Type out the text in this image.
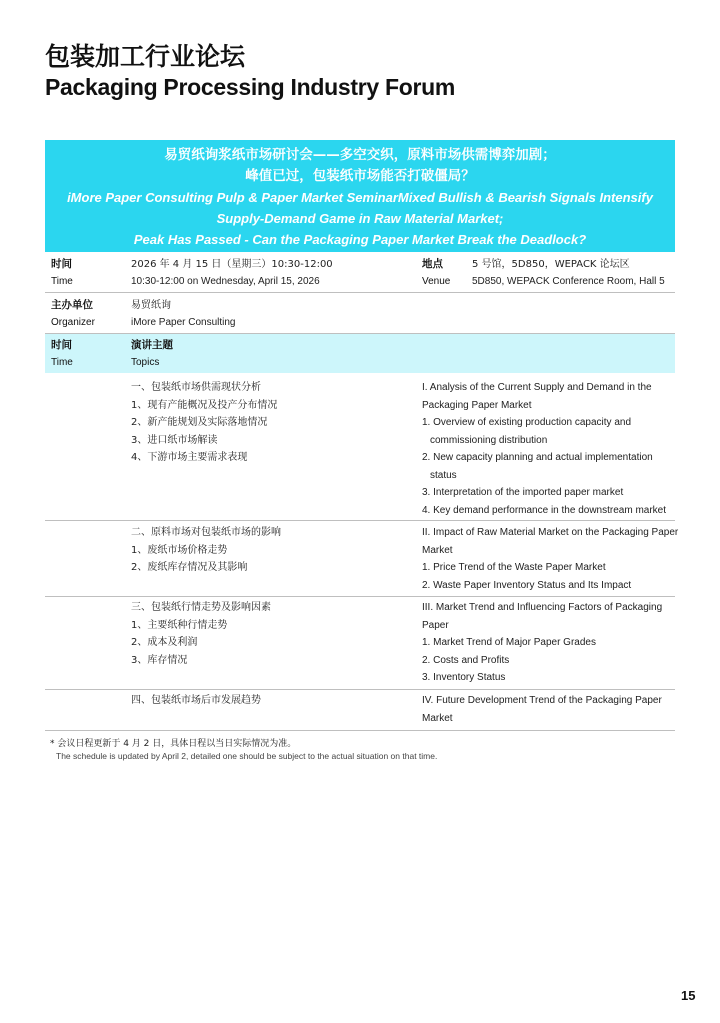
包装加工行业论坛
Packaging Processing Industry Forum
易贸纸询浆纸市场研讨会——多空交织，原料市场供需博弈加剧；
峰值已过，包装纸市场能否打破僵局？
iMore Paper Consulting Pulp & Paper Market SeminarMixed Bullish & Bearish Signals Intensify
Supply-Demand Game in Raw Material Market;
Peak Has Passed - Can the Packaging Paper Market Break the Deadlock?
时间
Time
2026 年 4 月 15 日（星期三）10:30-12:00
10:30-12:00 on Wednesday, April 15, 2026
地点
Venue
5 号馆，5D850，WEPACK 论坛区
5D850, WEPACK Conference Room, Hall 5
主办单位
Organizer
易贸纸询
iMore Paper Consulting
时间
Time
演讲主题
Topics
一、包装纸市场供需现状分析
1、现有产能概况及投产分布情况
2、新产能规划及实际落地情况
3、进口纸市场解读
4、下游市场主要需求表现
I. Analysis of the Current Supply and Demand in the
Packaging Paper Market
1. Overview of existing production capacity and
commissioning distribution
2. New capacity planning and actual implementation
status
3. Interpretation of the imported paper market
4. Key demand performance in the downstream market
二、原料市场对包装纸市场的影响
1、废纸市场价格走势
2、废纸库存情况及其影响
II. Impact of Raw Material Market on the Packaging Paper
Market
1. Price Trend of the Waste Paper Market
2. Waste Paper Inventory Status and Its Impact
三、包装纸行情走势及影响因素
1、主要纸种行情走势
2、成本及利润
3、库存情况
III. Market Trend and Influencing Factors of Packaging
Paper
1. Market Trend of Major Paper Grades
2. Costs and Profits
3. Inventory Status
四、包装纸市场后市发展趋势	IV. Future Development Trend of the Packaging Paper
Market
* 会议日程更新于 4 月 2 日，具体日程以当日实际情况为准。
The schedule is updated by April 2, detailed one should be subject to the actual situation on that time.
15
